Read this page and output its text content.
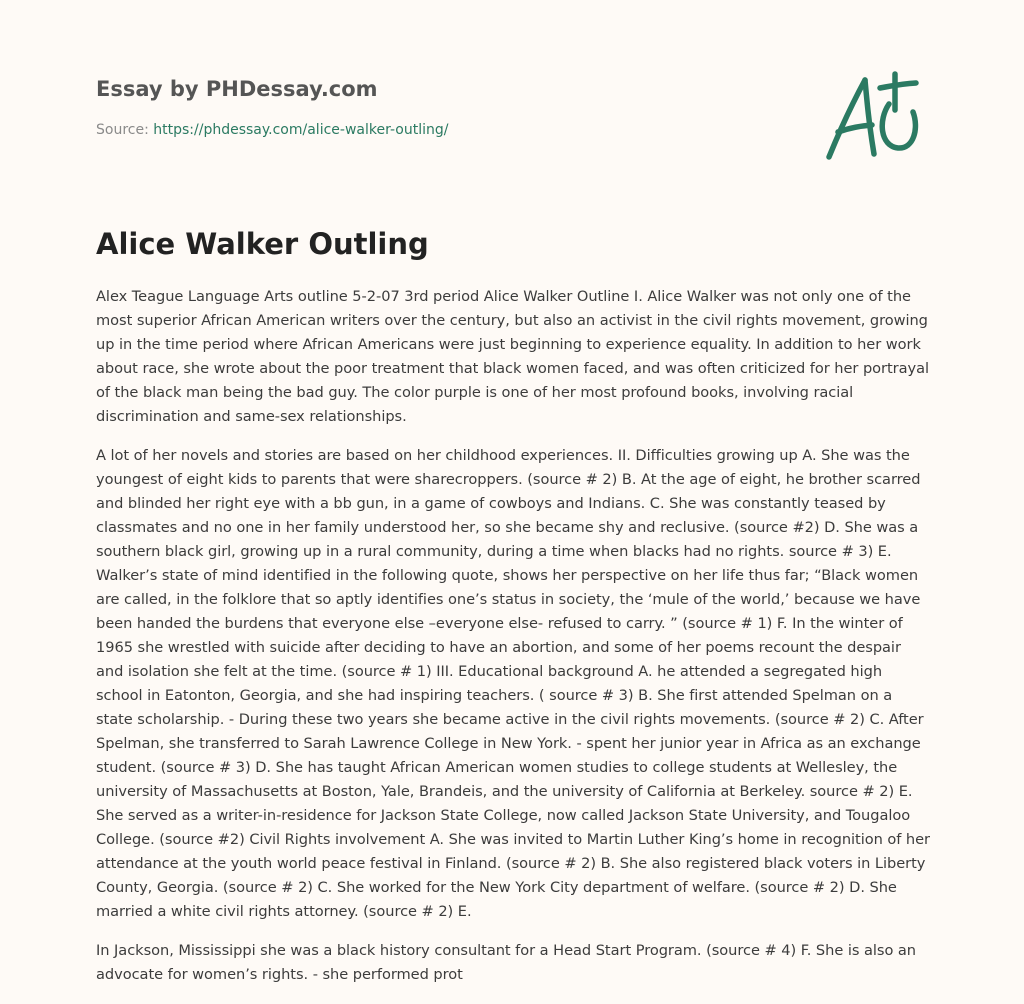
Essay by PHDessay.com
Source: https://phdessay.com/alice-walker-outling/
Alice Walker Outling

Alex Teague Language Arts outline 5-2-07 3rd period Alice Walker Outline I. Alice Walker was not only one of the most superior African American writers over the century, but also an activist in the civil rights movement, growing up in the time period where African Americans were just beginning to experience equality. In addition to her work about race, she wrote about the poor treatment that black women faced, and was often criticized for her portrayal of the black man being the bad guy. The color purple is one of her most profound books, involving racial discrimination and same-sex relationships.

A lot of her novels and stories are based on her childhood experiences. II. Difficulties growing up A. She was the youngest of eight kids to parents that were sharecroppers. (source # 2) B. At the age of eight, he brother scarred and blinded her right eye with a bb gun, in a game of cowboys and Indians. C. She was constantly teased by classmates and no one in her family understood her, so she became shy and reclusive. (source #2) D. She was a southern black girl, growing up in a rural community, during a time when blacks had no rights. source # 3) E. Walker’s state of mind identified in the following quote, shows her perspective on her life thus far; “Black women are called, in the folklore that so aptly identifies one’s status in society, the ‘mule of the world,’ because we have been handed the burdens that everyone else –everyone else- refused to carry. ” (source # 1) F. In the winter of 1965 she wrestled with suicide after deciding to have an abortion, and some of her poems recount the despair and isolation she felt at the time. (source # 1) III. Educational background A. he attended a segregated high school in Eatonton, Georgia, and she had inspiring teachers. ( source # 3) B. She first attended Spelman on a state scholarship. - During these two years she became active in the civil rights movements. (source # 2) C. After Spelman, she transferred to Sarah Lawrence College in New York. - spent her junior year in Africa as an exchange student. (source # 3) D. She has taught African American women studies to college students at Wellesley, the university of Massachusetts at Boston, Yale, Brandeis, and the university of California at Berkeley. source # 2) E. She served as a writer-in-residence for Jackson State College, now called Jackson State University, and Tougaloo College. (source #2) Civil Rights involvement A. She was invited to Martin Luther King’s home in recognition of her attendance at the youth world peace festival in Finland. (source # 2) B. She also registered black voters in Liberty County, Georgia. (source # 2) C. She worked for the New York City department of welfare. (source # 2) D. She married a white civil rights attorney. (source # 2) E.

In Jackson, Mississippi she was a black history consultant for a Head Start Program. (source # 4) F. She is also an advocate for women’s rights. - she performed prot
